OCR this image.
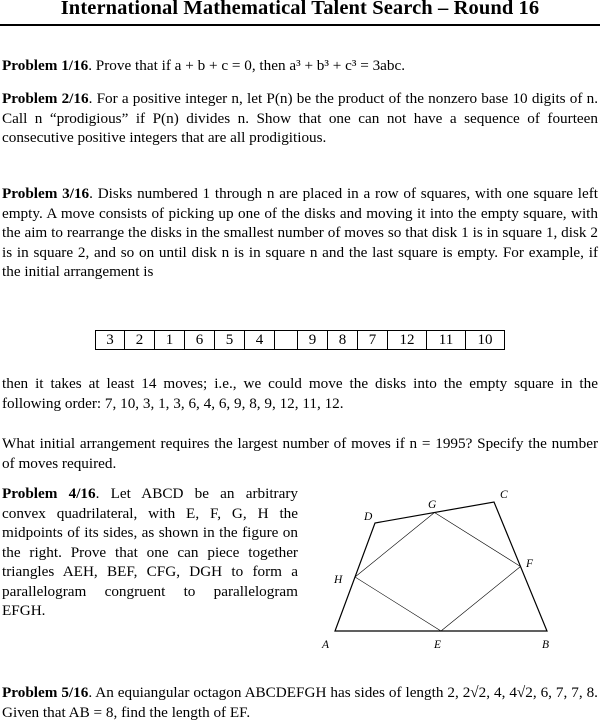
International Mathematical Talent Search – Round 16
Problem 1/16. Prove that if a + b + c = 0, then a³ + b³ + c³ = 3abc.
Problem 2/16. For a positive integer n, let P(n) be the product of the nonzero base 10 digits of n. Call n “prodigious” if P(n) divides n. Show that one can not have a sequence of fourteen consecutive positive integers that are all prodigitious.
Problem 3/16. Disks numbered 1 through n are placed in a row of squares, with one square left empty. A move consists of picking up one of the disks and moving it into the empty square, with the aim to rearrange the disks in the smallest number of moves so that disk 1 is in square 1, disk 2 is in square 2, and so on until disk n is in square n and the last square is empty. For example, if the initial arrangement is
3	2	1	6	5	4		9	8	7	12	11	10
then it takes at least 14 moves; i.e., we could move the disks into the empty square in the following order: 7, 10, 3, 1, 3, 6, 4, 6, 9, 8, 9, 12, 11, 12.
What initial arrangement requires the largest number of moves if n = 1995? Specify the number of moves required.
Problem 4/16. Let ABCD be an arbitrary convex quadrilateral, with E, F, G, H the midpoints of its sides, as shown in the figure on the right. Prove that one can piece together triangles AEH, BEF, CFG, DGH to form a parallelogram congruent to parallelogram EFGH.
A	B
C
D
E
F
G
H
Problem 5/16. An equiangular octagon ABCDEFGH has sides of length 2, 2√2, 4, 4√2, 6, 7, 7, 8. Given that AB = 8, find the length of EF.
